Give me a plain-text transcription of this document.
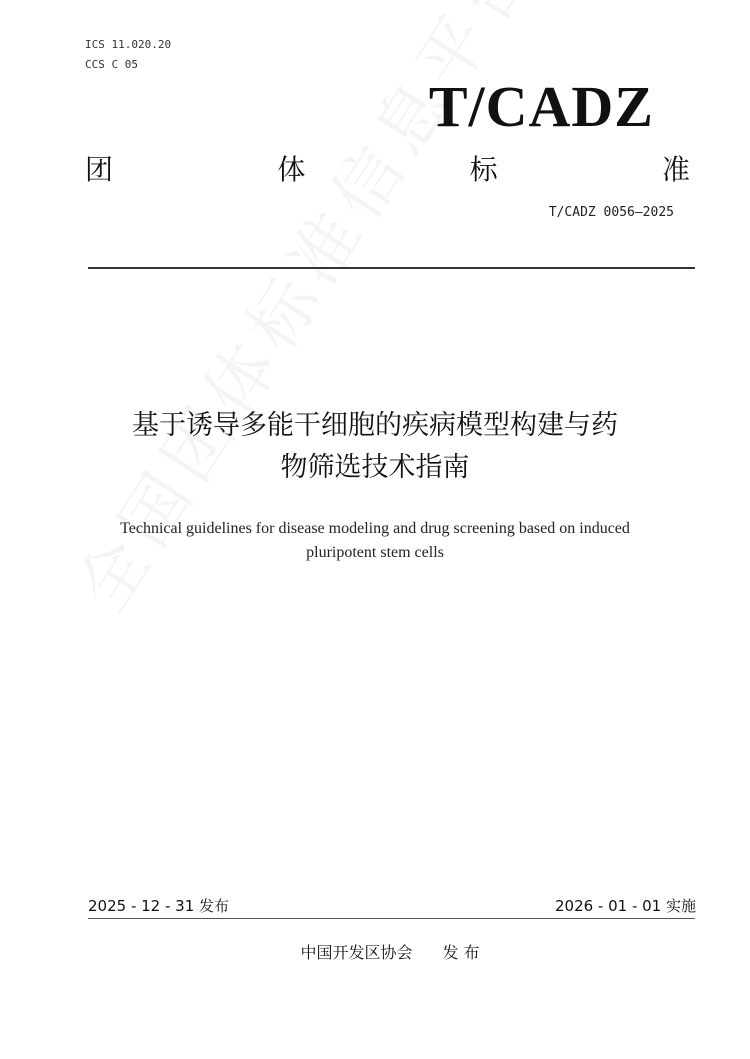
ICS 11.020.20
CCS C 05
T/CADZ
团	体	标	准
T/CADZ 0056—2025
基于诱导多能干细胞的疾病模型构建与药
物筛选技术指南
Technical guidelines for disease modeling and drug screening based on induced
pluripotent stem cells
2025 - 12 - 31 发布	2026 - 01 - 01 实施
中国开发区协会 发 布
